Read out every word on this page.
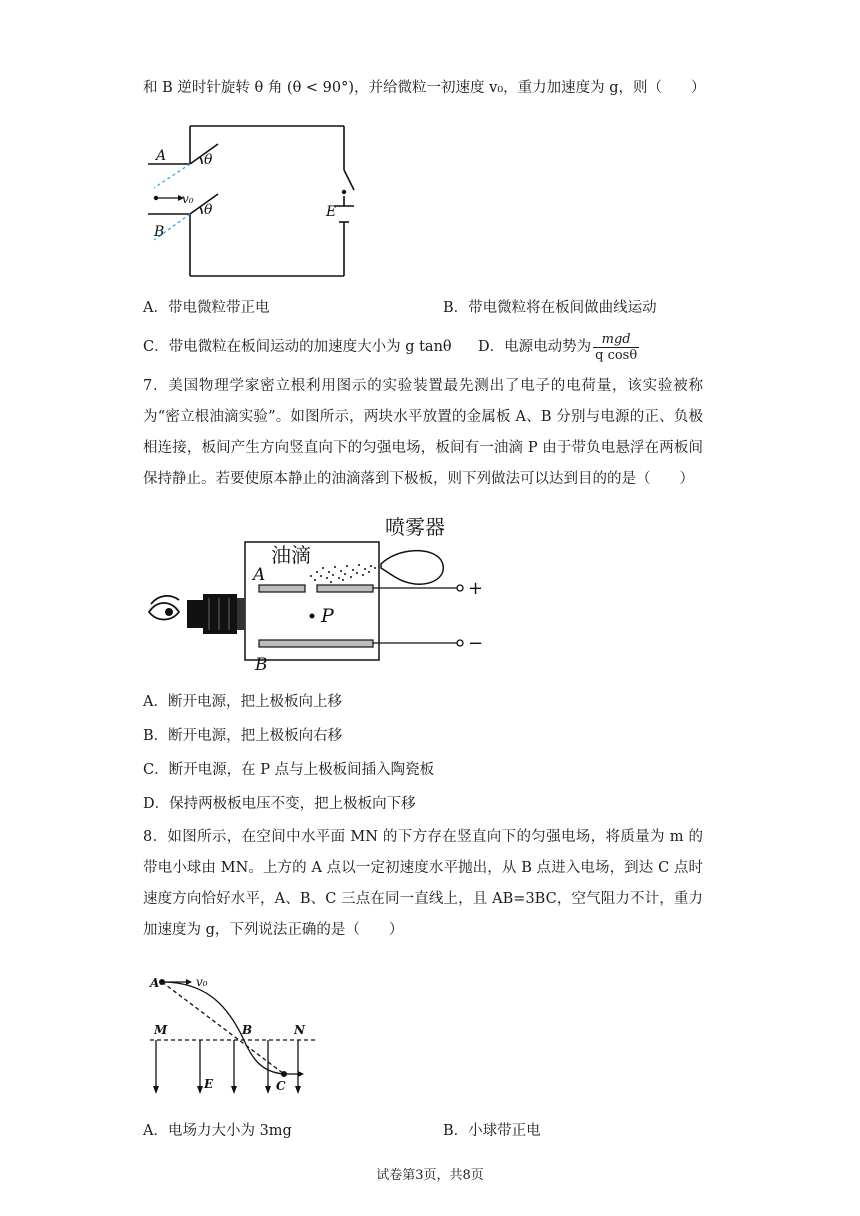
和 B 逆时针旋转 θ 角 (θ < 90°)，并给微粒一初速度 v₀，重力加速度为 g，则（　　）
A	θ
v₀
θ
B
E
A．带电微粒带正电	B．带电微粒将在板间做曲线运动
C．带电微粒在板间运动的加速度大小为 g tanθ D．电源电动势为 $\frac{\text{mgd}}{\text{q cosθ}}$
7．美国物理学家密立根利用图示的实验装置最先测出了电子的电荷量，该实验被称为“密立根油滴实验”。如图所示，两块水平放置的金属板 A、B 分别与电源的正、负极相连接，板间产生方向竖直向下的匀强电场，板间有一油滴 P 由于带负电悬浮在两板间保持静止。若要使原本静止的油滴落到下极板，则下列做法可以达到目的的是（　　）
喷雾器
油滴
A
P
B
+
−
A．断开电源，把上极板向上移
B．断开电源，把上极板向右移
C．断开电源，在 P 点与上极板间插入陶瓷板
D．保持两极板电压不变，把上极板向下移
8．如图所示，在空间中水平面 MN 的下方存在竖直向下的匀强电场，将质量为 m 的带电小球由 MN。上方的 A 点以一定初速度水平抛出，从 B 点进入电场，到达 C 点时速度方向恰好水平，A、B、C 三点在同一直线上，且 AB=3BC，空气阻力不计，重力加速度为 g，下列说法正确的是（　　）
A	v₀
M	B	N
E	C
A．电场力大小为 3mg	B．小球带正电
试卷第3页，共8页
